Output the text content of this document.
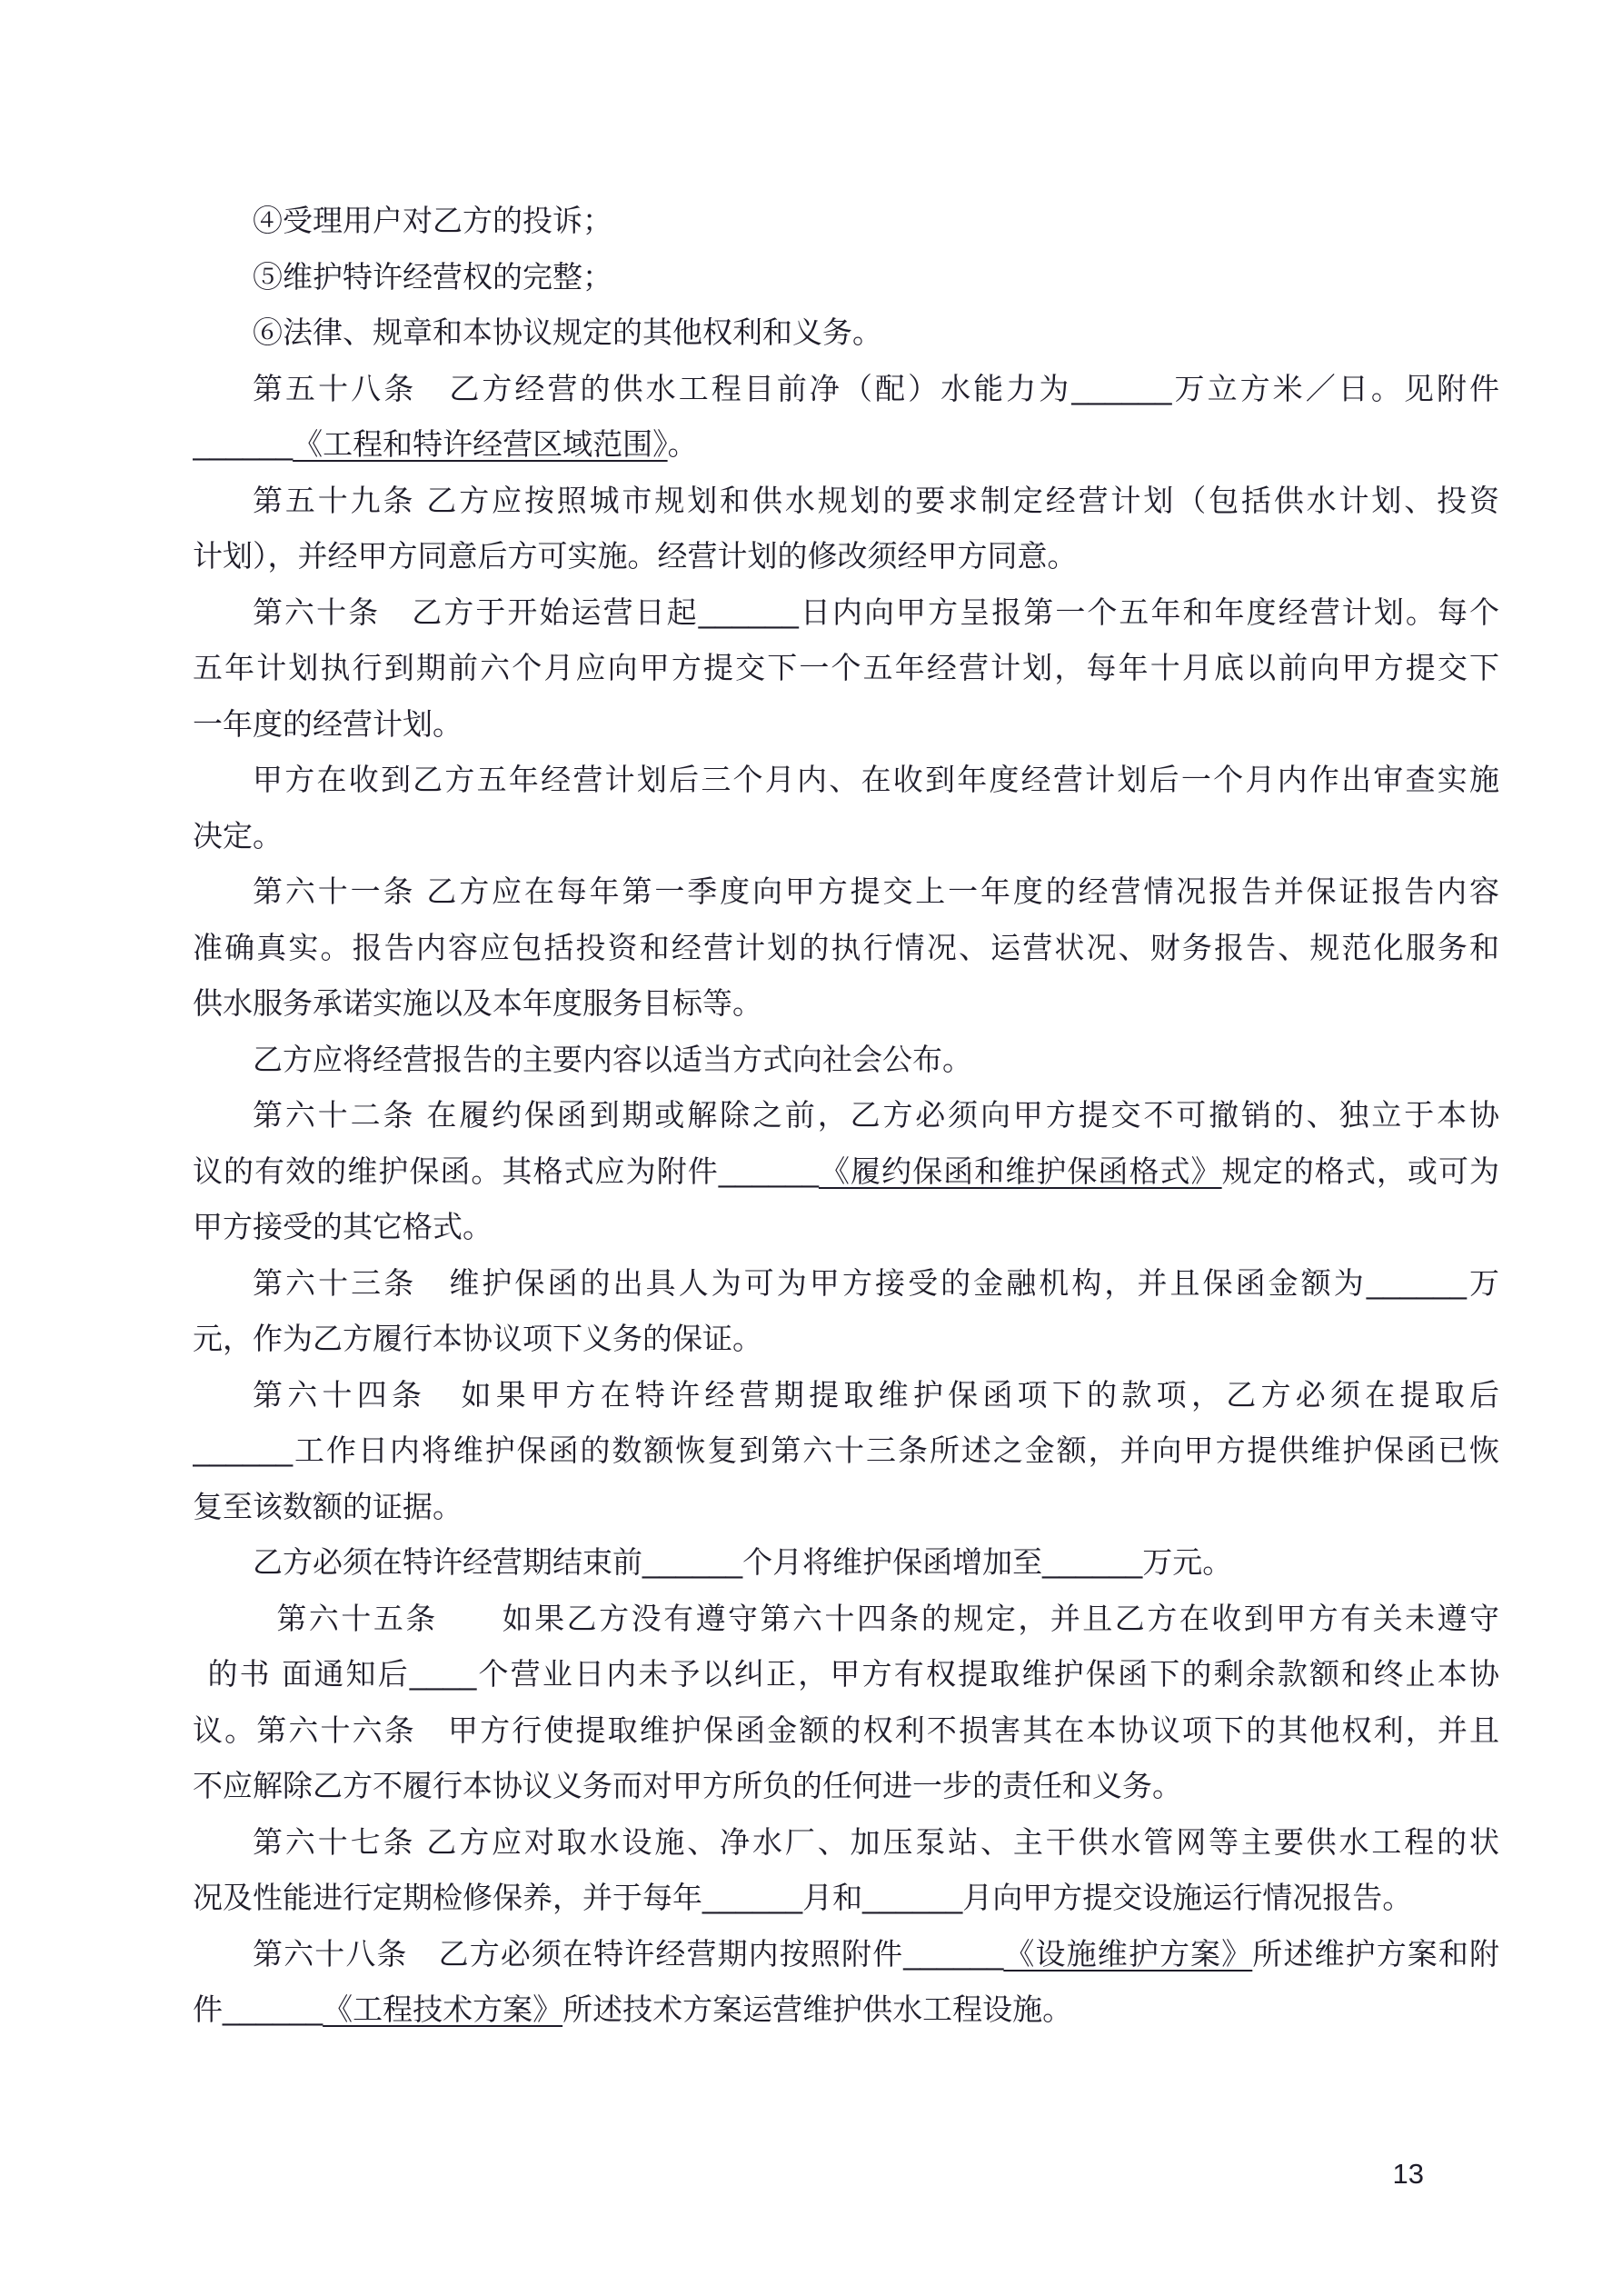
④受理用户对乙方的投诉；
⑤维护特许经营权的完整；
⑥法律、规章和本协议规定的其他权利和义务。
第五十八条　乙方经营的供水工程目前净（配）水能力为______万立方米／日。见附件
______《工程和特许经营区域范围》。
第五十九条 乙方应按照城市规划和供水规划的要求制定经营计划（包括供水计划、投资
计划），并经甲方同意后方可实施。经营计划的修改须经甲方同意。
第六十条　乙方于开始运营日起______日内向甲方呈报第一个五年和年度经营计划。每个
五年计划执行到期前六个月应向甲方提交下一个五年经营计划，每年十月底以前向甲方提交下
一年度的经营计划。
甲方在收到乙方五年经营计划后三个月内、在收到年度经营计划后一个月内作出审查实施
决定。
第六十一条 乙方应在每年第一季度向甲方提交上一年度的经营情况报告并保证报告内容
准确真实。报告内容应包括投资和经营计划的执行情况、运营状况、财务报告、规范化服务和
供水服务承诺实施以及本年度服务目标等。
乙方应将经营报告的主要内容以适当方式向社会公布。
第六十二条 在履约保函到期或解除之前，乙方必须向甲方提交不可撤销的、独立于本协
议的有效的维护保函。其格式应为附件______《履约保函和维护保函格式》规定的格式，或可为
甲方接受的其它格式。
第六十三条　维护保函的出具人为可为甲方接受的金融机构，并且保函金额为______万
元，作为乙方履行本协议项下义务的保证。
第六十四条　如果甲方在特许经营期提取维护保函项下的款项，乙方必须在提取后
______工作日内将维护保函的数额恢复到第六十三条所述之金额，并向甲方提供维护保函已恢
复至该数额的证据。
乙方必须在特许经营期结束前______个月将维护保函增加至______万元。
第六十五条　　如果乙方没有遵守第六十四条的规定，并且乙方在收到甲方有关未遵守
的书 面通知后____个营业日内未予以纠正，甲方有权提取维护保函下的剩余款额和终止本协
议。第六十六条　甲方行使提取维护保函金额的权利不损害其在本协议项下的其他权利，并且
不应解除乙方不履行本协议义务而对甲方所负的任何进一步的责任和义务。
第六十七条 乙方应对取水设施、净水厂、加压泵站、主干供水管网等主要供水工程的状
况及性能进行定期检修保养，并于每年______月和______月向甲方提交设施运行情况报告。
第六十八条　乙方必须在特许经营期内按照附件______《设施维护方案》所述维护方案和附
件______《工程技术方案》所述技术方案运营维护供水工程设施。
13
